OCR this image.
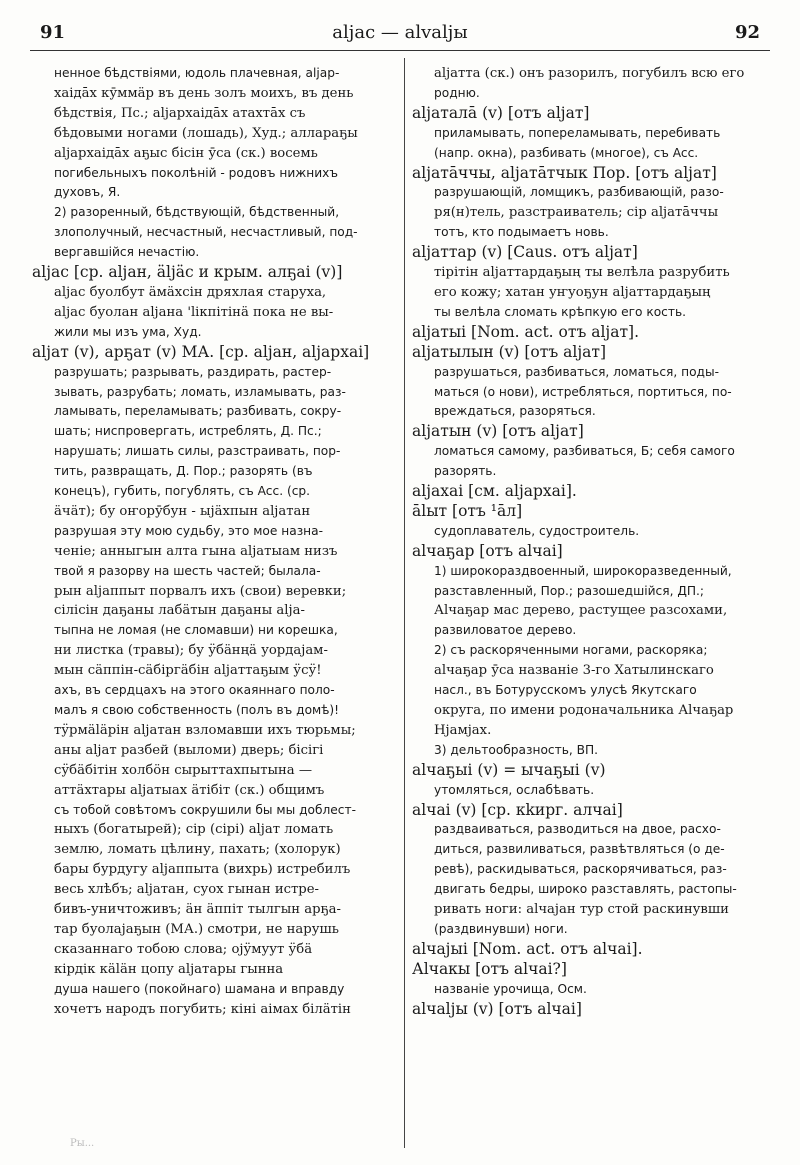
91	aljac — alvaljы	92
ненное бѣдствіями, юдоль плачевная, аlјар-
хаідāх кӯммӓр въ день золъ моихъ, въ день
бѣдствія, Пс.; аlјархаідāх атахтāх съ
бѣдовыми ногами (лошадь), Худ.; аллараҕы
аlјархаідāх аҕыс бісін ӯса (ск.) восемь
погибельныхъ поколѣній - родовъ нижнихъ
духовъ, Я.
2) разоренный, бѣдствующій, бѣдственный,
злополучный, несчастный, несчастливый, под-
вергавшійся нечастію.
aljac [ср. аlјан, ӓlјӓс и крым. алҕаі (v)]
aljac буолбут ӓмӓхсін дряхлая старуха,
aljac буолан аlјана 'lікпітінӓ пока не вы-
жили мы изъ ума, Худ.
alјат (v), арҕат (v) МА. [ср. аlјан, аlјархаі]
разрушать; разрывать, раздирать, растер-
зывать, разрубать; ломать, изламывать, раз-
ламывать, переламывать; разбивать, сокру-
шать; ниспровергать, истреблять, Д. Пс.;
нарушать; лишать силы, разстраивать, пор-
тить, развращать, Д. Пор.; разорять (въ
конецъ), губить, погублять, съ Acc. (ср.
ӓчӓт); бу оҥорӯбун - ыјӓхпын аlјатан
разрушая эту мою судьбу, это мое назна-
ченіе; анныгын алта гына аlјатыам низъ
твой я разорву на шесть частей; былала-
рын аlјаппыт порвалъ ихъ (свои) веревки;
сілісін даҕаны лабӓтын даҕаны аlја-
тыпна не ломая (не сломавши) ни корешка,
ни листка (травы); бу ӱбӓнңӓ уордајам-
мын сӓппін-сӓбіргӓбін аlјаттаҕым ӱсӱ!
ахъ, въ сердцахъ на этого окаяннаго поло-
малъ я свою собственность (полъ въ домѣ)!
тӱрмӓlӓрін аlјатан взломавши ихъ тюрьмы;
аны аlјат разбей (выломи) дверь; бісігі
сӱбӓбітін холбӧн сырыттахпытына —
аттӓхтары аlјатыах ӓтібіт (ск.) общимъ
съ тобой совѣтомъ сокрушили бы мы доблест-
ныхъ (богатырей); сір (сірі) аlјат ломать
землю, ломать цѣлину, пахать; (холорук)
бары бурдугу аlјаппыта (вихрь) истребилъ
весь хлѣбъ; аlјатан, суох гынан истре-
бивъ-уничтоживъ; ӓн ӓппіт тылгын арҕа-
тар буолајаҕын (МА.) смотри, не нарушь
сказаннаго тобою слова; ојӱмуут ӱбӓ
кірдік кӓlӓн цопу аlјатары гынна
душа нашего (покойнаго) шамана и вправду
хочетъ народъ погубить; кіні аімах білӓтін
аlјатта (ск.) онъ разорилъ, погубилъ всю его
родню.
аlјаталā (v) [отъ аlјат]
приламывать, попереламывать, перебивать
(напр. окна), разбивать (многое), съ Acc.
аlјатāччы, аlјатāтчык Пор. [отъ аlјат]
разрушающій, ломщикъ, разбивающій, разо-
ря(н)тель, разстраиватель; сір аlјатāччы
тотъ, кто подымаетъ новь.
аlјаттар (v) [Caus. отъ аlјат]
тірітін аlјаттардаҕың ты велѣла разрубить
его кожу; хатан уҥуоҕун аlјаттардаҕың
ты велѣла сломать крѣпкую его кость.
аlјатыі [Nom. act. отъ аlјат].
аlјатылын (v) [отъ аlјат]
разрушаться, разбиваться, ломаться, поды-
маться (о нови), истребляться, портиться, по-
вреждаться, разоряться.
аlјатын (v) [отъ аlјат]
ломаться самому, разбиваться, Б; себя самого
разорять.
аlјахаі [см. аlјархаі].
ālыт [отъ ¹āл]
судоплаватель, судостроитель.
аlчаҕар [отъ аlчаі]
1) широкораздвоенный, широкоразведенный,
разставленный, Пор.; разошедшійся, ДП.;
Аlчаҕар мас дерево, растущее разсохами,
развиловатое дерево.
2) съ раскоряченными ногами, раскоряка;
аlчаҕар ӯса названіе 3-го Хатылинскаго
насл., въ Ботурусскомъ улусѣ Якутскаго
округа, по имени родоначальника Аlчаҕар
Нјамјах.
3) дельтообразность, ВП.
аlчаҕыі (v) = ычаҕыі (v)
утомляться, ослабѣвать.
аlчаі (v) [ср. кkирг. алчаі]
раздваиваться, разводиться на двое, расхо-
диться, развиливаться, развѣтвляться (о де-
ревѣ), раскидываться, раскорячиваться, раз-
двигать бедры, широко разставлять, растопы-
ривать ноги: аlчајан тур стой раскинувши
(раздвинувши) ноги.
аlчајыі [Nom. act. отъ аlчаі].
Аlчакы [отъ аlчаі?]
названіе урочища, Осм.
аlчаlјы (v) [отъ аlчаі]
Ры...
